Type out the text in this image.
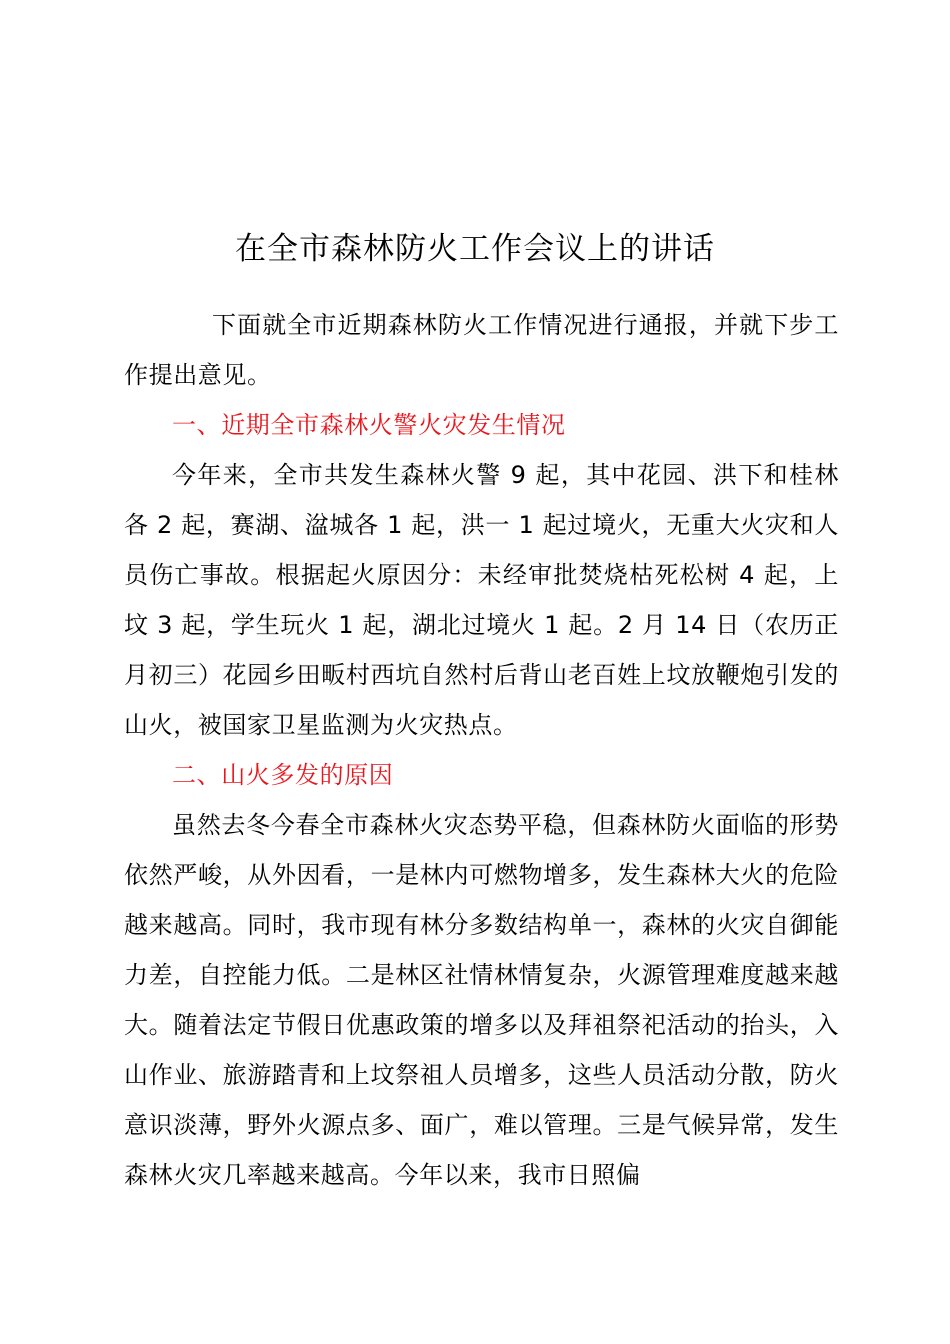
在全市森林防火工作会议上的讲话

下面就全市近期森林防火工作情况进行通报，并就下步工作提出意见。

一、近期全市森林火警火灾发生情况

今年来，全市共发生森林火警 9 起，其中花园、洪下和桂林各 2 起，赛湖、湓城各 1 起，洪一 1 起过境火，无重大火灾和人员伤亡事故。根据起火原因分：未经审批焚烧枯死松树 4 起，上坟 3 起，学生玩火 1 起，湖北过境火 1 起。2 月 14 日（农历正月初三）花园乡田畈村西坑自然村后背山老百姓上坟放鞭炮引发的山火，被国家卫星监测为火灾热点。

二、山火多发的原因

虽然去冬今春全市森林火灾态势平稳，但森林防火面临的形势依然严峻，从外因看，一是林内可燃物增多，发生森林大火的危险越来越高。同时，我市现有林分多数结构单一，森林的火灾自御能力差，自控能力低。二是林区社情林情复杂，火源管理难度越来越大。随着法定节假日优惠政策的增多以及拜祖祭祀活动的抬头，入山作业、旅游踏青和上坟祭祖人员增多，这些人员活动分散，防火意识淡薄，野外火源点多、面广，难以管理。三是气候异常，发生森林火灾几率越来越高。今年以来，我市日照偏
